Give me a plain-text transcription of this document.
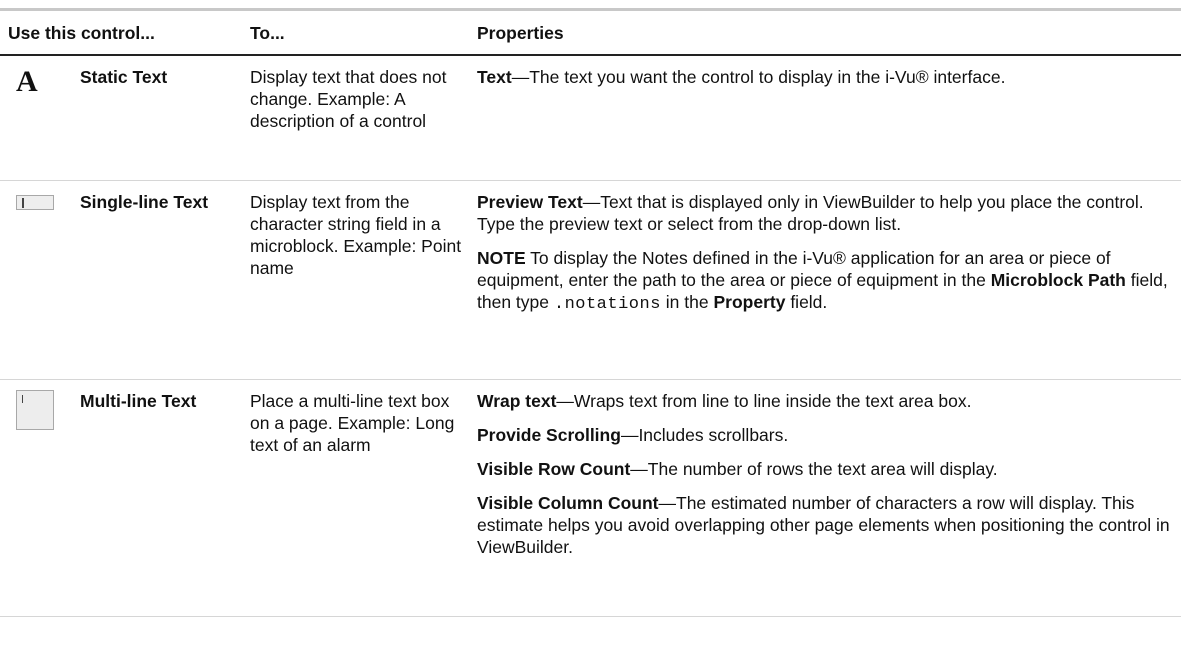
Use this control...	To...	Properties

A Static Text	Display text that does not change. Example: A description of a control	Text—The text you want the control to display in the i-Vu® interface.

Single-line Text	Display text from the character string field in a microblock. Example: Point name	Preview Text—Text that is displayed only in ViewBuilder to help you place the control. Type the preview text or select from the drop-down list.

NOTE To display the Notes defined in the i-Vu® application for an area or piece of equipment, enter the path to the area or piece of equipment in the Microblock Path field, then type .notations in the Property field.

Multi-line Text	Place a multi-line text box on a page. Example: Long text of an alarm	Wrap text—Wraps text from line to line inside the text area box.

Provide Scrolling—Includes scrollbars.

Visible Row Count—The number of rows the text area will display.

Visible Column Count—The estimated number of characters a row will display. This estimate helps you avoid overlapping other page elements when positioning the control in ViewBuilder.
